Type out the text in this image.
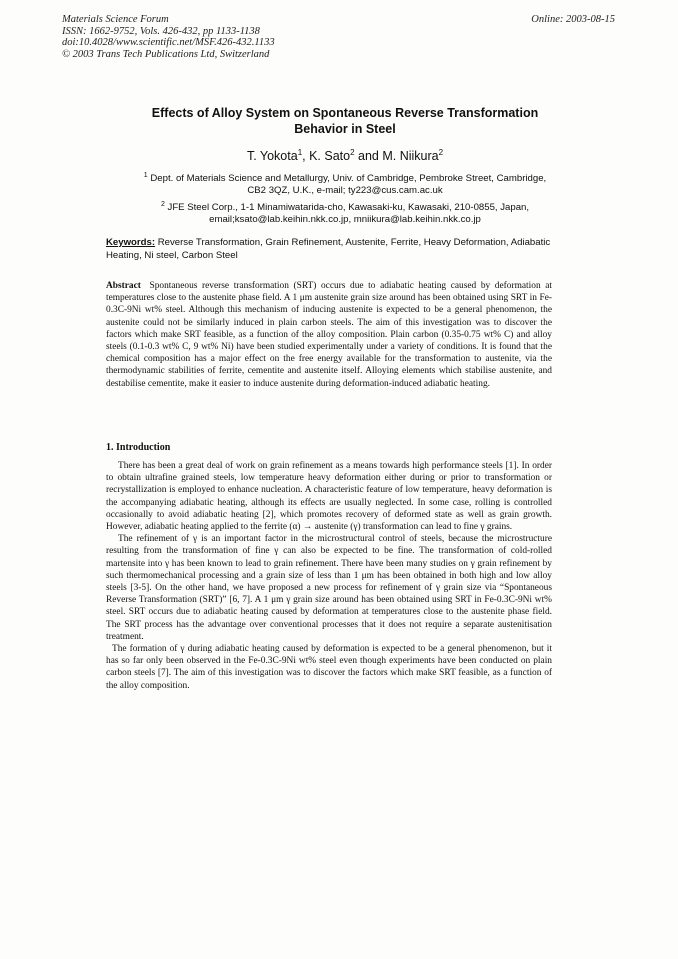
Materials Science Forum
ISSN: 1662-9752, Vols. 426-432, pp 1133-1138
doi:10.4028/www.scientific.net/MSF.426-432.1133
© 2003 Trans Tech Publications Ltd, Switzerland
Online: 2003-08-15
Effects of Alloy System on Spontaneous Reverse Transformation
Behavior in Steel
T. Yokota$^1$, K. Sato$^2$ and M. Niikura$^2$
$^1$ Dept. of Materials Science and Metallurgy, Univ. of Cambridge, Pembroke Street, Cambridge,
CB2 3QZ, U.K., e-mail; ty223@cus.cam.ac.uk
$^2$ JFE Steel Corp., 1-1 Minamiwatarida-cho, Kawasaki-ku, Kawasaki, 210-0855, Japan,
email;ksato@lab.keihin.nkk.co.jp, mniikura@lab.keihin.nkk.co.jp
Keywords: Reverse Transformation, Grain Refinement, Austenite, Ferrite, Heavy Deformation, Adiabatic Heating, Ni steel, Carbon Steel
Abstract Spontaneous reverse transformation (SRT) occurs due to adiabatic heating caused by deformation at temperatures close to the austenite phase field. A 1 μm austenite grain size around has been obtained using SRT in Fe-0.3C-9Ni wt% steel. Although this mechanism of inducing austenite is expected to be a general phenomenon, the austenite could not be similarly induced in plain carbon steels. The aim of this investigation was to discover the factors which make SRT feasible, as a function of the alloy composition. Plain carbon (0.35-0.75 wt% C) and alloy steels (0.1-0.3 wt% C, 9 wt% Ni) have been studied experimentally under a variety of conditions. It is found that the chemical composition has a major effect on the free energy available for the transformation to austenite, via the thermodynamic stabilities of ferrite, cementite and austenite itself. Alloying elements which stabilise austenite, and destabilise cementite, make it easier to induce austenite during deformation-induced adiabatic heating.
1. Introduction

There has been a great deal of work on grain refinement as a means towards high performance steels [1]. In order to obtain ultrafine grained steels, low temperature heavy deformation either during or prior to transformation or recrystallization is employed to enhance nucleation. A characteristic feature of low temperature, heavy deformation is the accompanying adiabatic heating, although its effects are usually neglected. In some case, rolling is controlled occasionally to avoid adiabatic heating [2], which promotes recovery of deformed state as well as grain growth. However, adiabatic heating applied to the ferrite (α) → austenite (γ) transformation can lead to fine γ grains.

The refinement of γ is an important factor in the microstructural control of steels, because the microstructure resulting from the transformation of fine γ can also be expected to be fine. The transformation of cold-rolled martensite into γ has been known to lead to grain refinement. There have been many studies on γ grain refinement by such thermomechanical processing and a grain size of less than 1 μm has been obtained in both high and low alloy steels [3-5]. On the other hand, we have proposed a new process for refinement of γ grain size via “Spontaneous Reverse Transformation (SRT)” [6, 7]. A 1 μm γ grain size around has been obtained using SRT in Fe-0.3C-9Ni wt% steel. SRT occurs due to adiabatic heating caused by deformation at temperatures close to the austenite phase field. The SRT process has the advantage over conventional processes that it does not require a separate austenitisation treatment.

The formation of γ during adiabatic heating caused by deformation is expected to be a general phenomenon, but it has so far only been observed in the Fe-0.3C-9Ni wt% steel even though experiments have been conducted on plain carbon steels [7]. The aim of this investigation was to discover the factors which make SRT feasible, as a function of the alloy composition.
